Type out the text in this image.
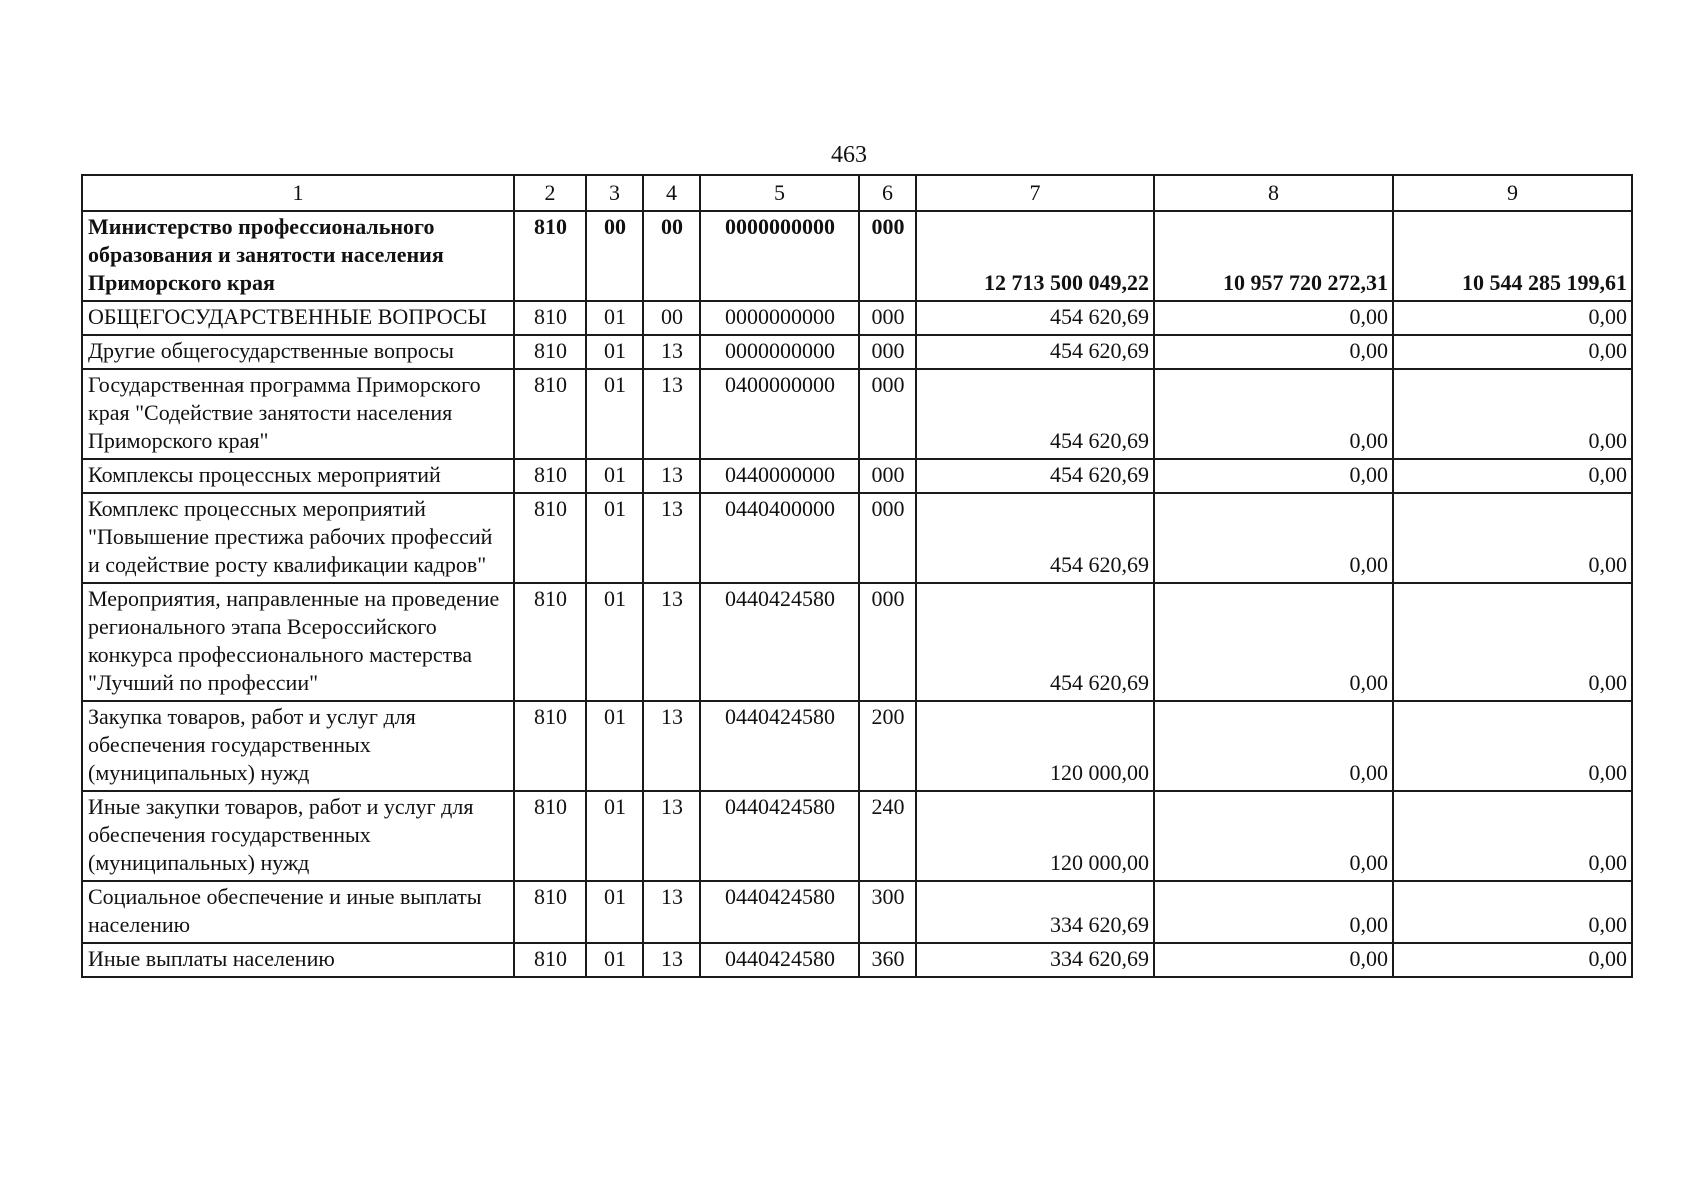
463
1	2	3	4	5	6	7	8	9
Министерство профессионального образования и занятости населения Приморского края	810	00	00	0000000000	000	12 713 500 049,22	10 957 720 272,31	10 544 285 199,61
ОБЩЕГОСУДАРСТВЕННЫЕ ВОПРОСЫ	810	01	00	0000000000	000	454 620,69	0,00	0,00
Другие общегосударственные вопросы	810	01	13	0000000000	000	454 620,69	0,00	0,00
Государственная программа Приморского края "Содействие занятости населения Приморского края"	810	01	13	0400000000	000	454 620,69	0,00	0,00
Комплексы процессных мероприятий	810	01	13	0440000000	000	454 620,69	0,00	0,00
Комплекс процессных мероприятий "Повышение престижа рабочих профессий и содействие росту квалификации кадров"	810	01	13	0440400000	000	454 620,69	0,00	0,00
Мероприятия, направленные на проведение регионального этапа Всероссийского конкурса профессионального мастерства "Лучший по профессии"	810	01	13	0440424580	000	454 620,69	0,00	0,00
Закупка товаров, работ и услуг для обеспечения государственных (муниципальных) нужд	810	01	13	0440424580	200	120 000,00	0,00	0,00
Иные закупки товаров, работ и услуг для обеспечения государственных (муниципальных) нужд	810	01	13	0440424580	240	120 000,00	0,00	0,00
Социальное обеспечение и иные выплаты населению	810	01	13	0440424580	300	334 620,69	0,00	0,00
Иные выплаты населению	810	01	13	0440424580	360	334 620,69	0,00	0,00
